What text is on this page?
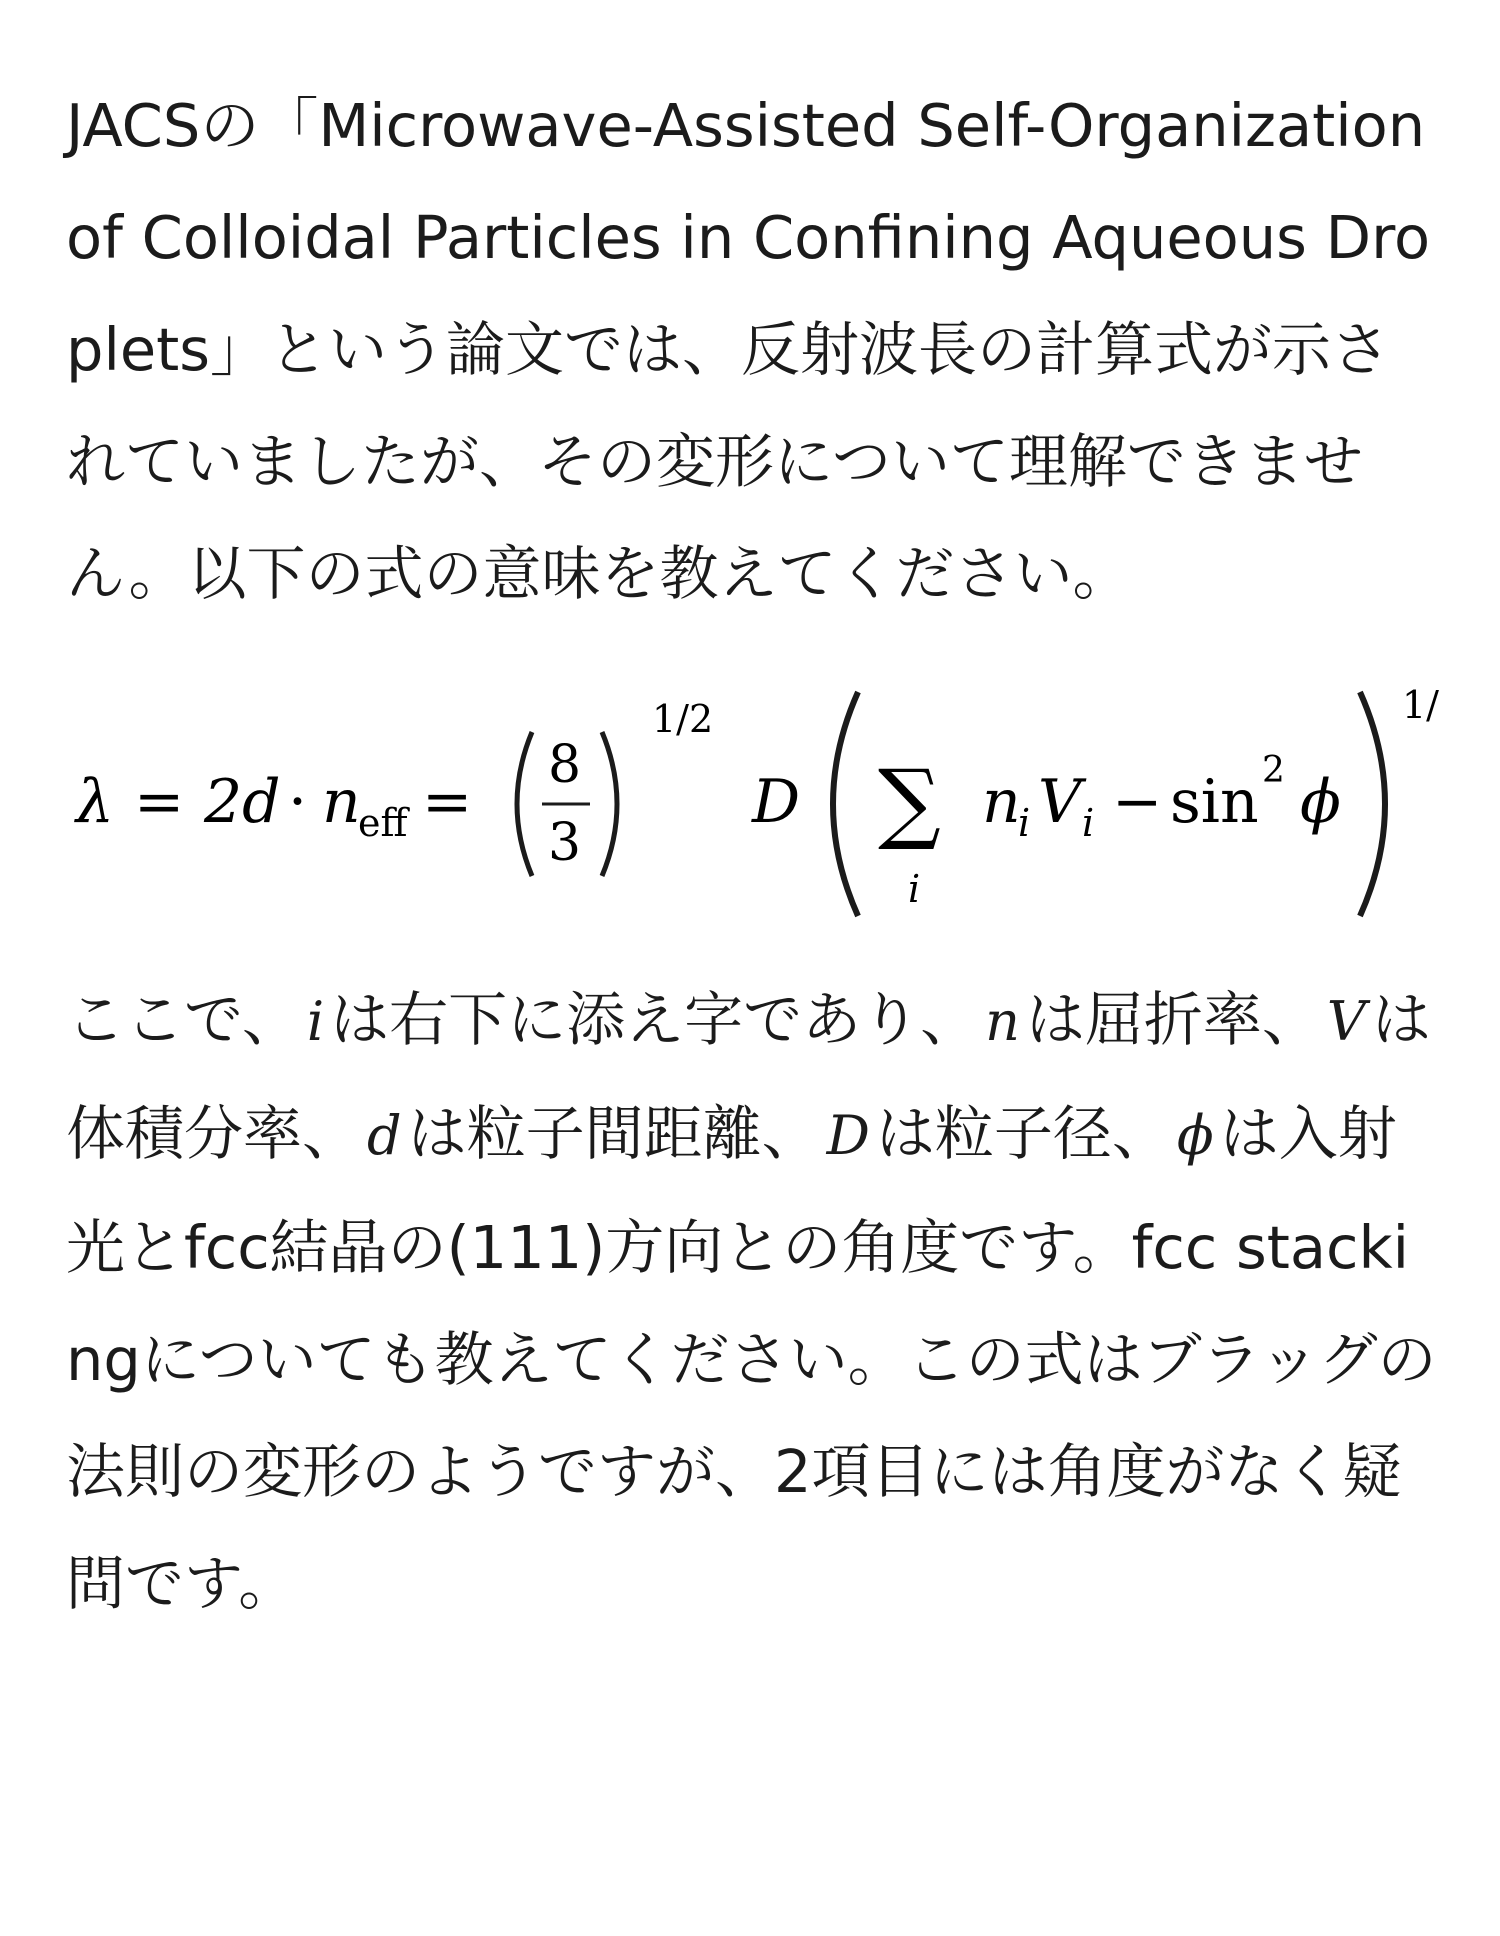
JACSの「Microwave-Assisted Self-Organization of Colloidal Particles in Confining Aqueous Droplets」という論文では、反射波長の計算式が示されていましたが、その変形について理解できません。以下の式の意味を教えてください。

λ = 2d · n
eff =
8
3
1/2
D ∑
i
n
i V i − sin 2 ϕ
1/

ここで、 i は右下に添え字であり、 n は屈折率、 V は体積分率、 d は粒子間距離、 D は粒子径、 ϕ は入射光とfcc結晶の(111)方向との角度です。fcc stackingについても教えてください。この式はブラッグの法則の変形のようですが、2項目には角度がなく疑問です。
